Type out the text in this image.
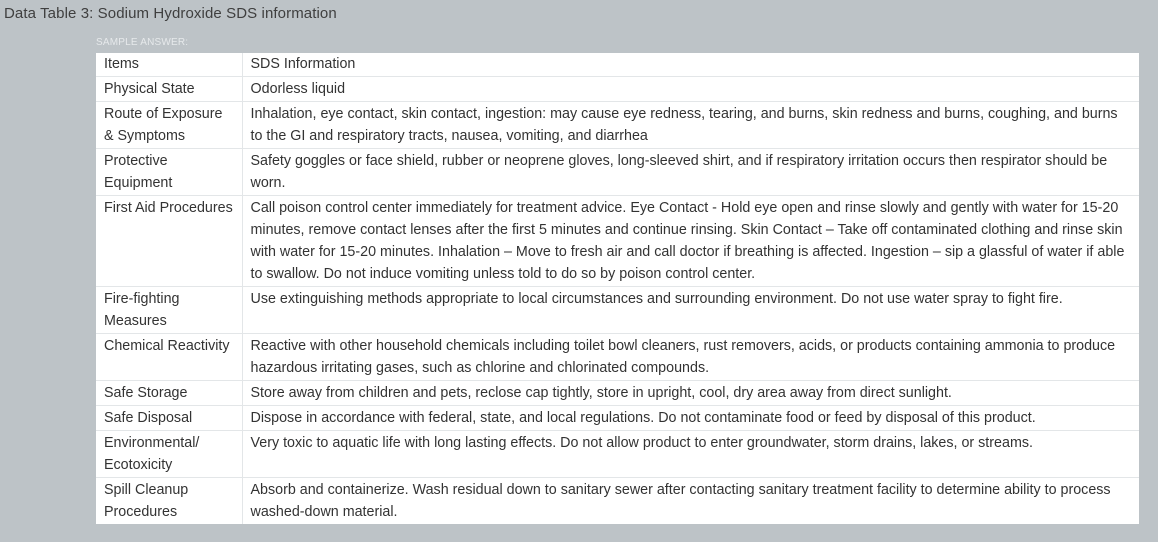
Data Table 3: Sodium Hydroxide SDS information
SAMPLE ANSWER:
Items	SDS Information

Physical State	Odorless liquid

Route of Exposure & Symptoms	Inhalation, eye contact, skin contact, ingestion: may cause eye redness, tearing, and burns, skin redness and burns, coughing, and burns to the GI and respiratory tracts, nausea, vomiting, and diarrhea

Protective Equipment	Safety goggles or face shield, rubber or neoprene gloves, long-sleeved shirt, and if respiratory irritation occurs then respirator should be worn.

First Aid Procedures	Call poison control center immediately for treatment advice. Eye Contact - Hold eye open and rinse slowly and gently with water for 15-20 minutes, remove contact lenses after the first 5 minutes and continue rinsing. Skin Contact – Take off contaminated clothing and rinse skin with water for 15-20 minutes. Inhalation – Move to fresh air and call doctor if breathing is affected. Ingestion – sip a glassful of water if able to swallow. Do not induce vomiting unless told to do so by poison control center.

Fire-fighting Measures	Use extinguishing methods appropriate to local circumstances and surrounding environment. Do not use water spray to fight fire.

Chemical Reactivity	Reactive with other household chemicals including toilet bowl cleaners, rust removers, acids, or products containing ammonia to produce hazardous irritating gases, such as chlorine and chlorinated compounds.

Safe Storage	Store away from children and pets, reclose cap tightly, store in upright, cool, dry area away from direct sunlight.

Safe Disposal	Dispose in accordance with federal, state, and local regulations. Do not contaminate food or feed by disposal of this product.

Environmental/ Ecotoxicity	Very toxic to aquatic life with long lasting effects. Do not allow product to enter groundwater, storm drains, lakes, or streams.

Spill Cleanup Procedures	Absorb and containerize. Wash residual down to sanitary sewer after contacting sanitary treatment facility to determine ability to process washed-down material.
